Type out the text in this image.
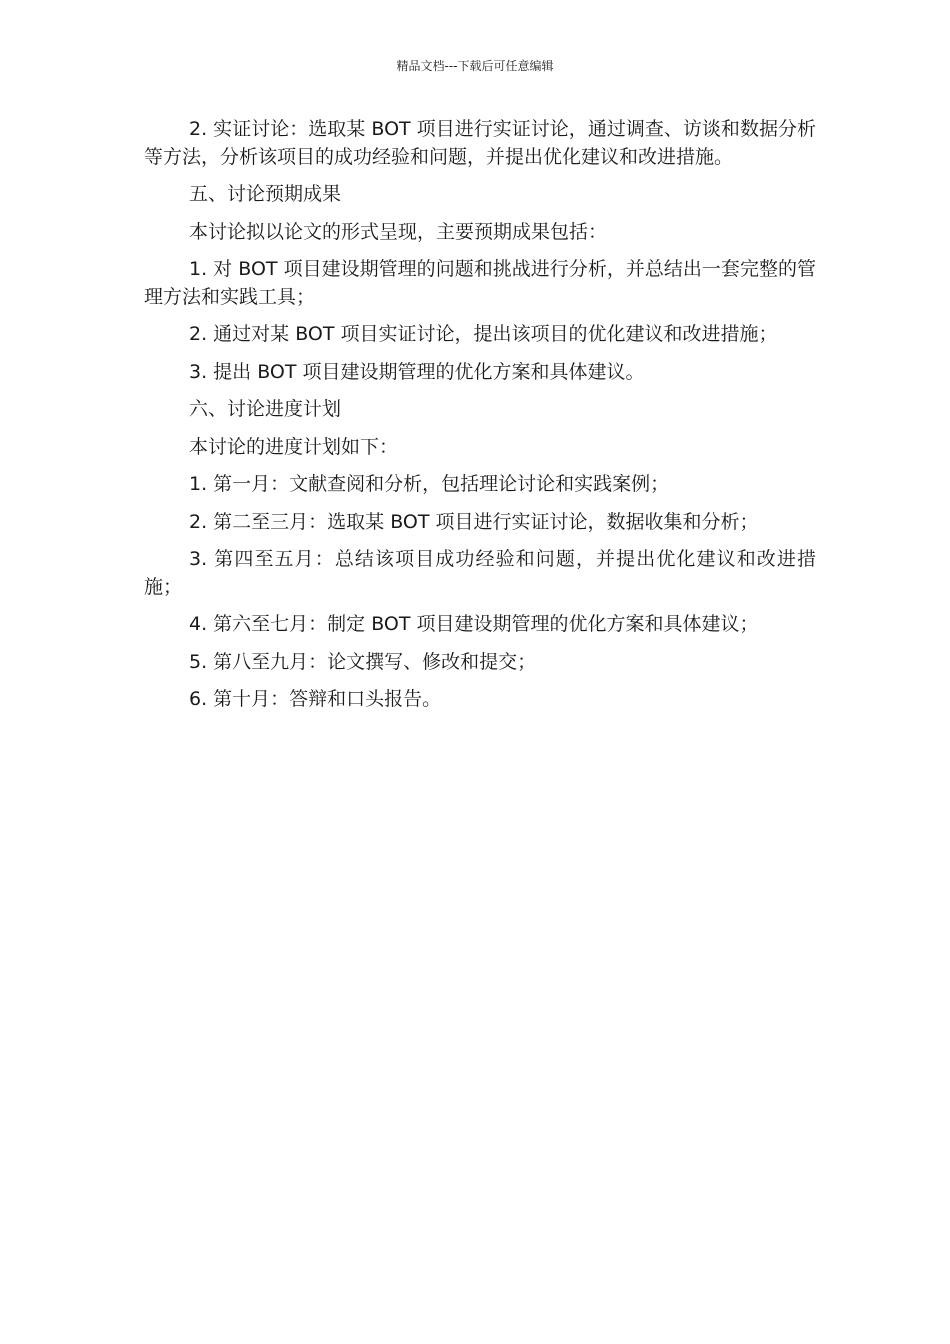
精品文档---下载后可任意编辑

2. 实证讨论：选取某 BOT 项目进行实证讨论，通过调查、访谈和数据分析等方法，分析该项目的成功经验和问题，并提出优化建议和改进措施。

五、讨论预期成果

本讨论拟以论文的形式呈现，主要预期成果包括：

1. 对 BOT 项目建设期管理的问题和挑战进行分析，并总结出一套完整的管理方法和实践工具；

2. 通过对某 BOT 项目实证讨论，提出该项目的优化建议和改进措施；

3. 提出 BOT 项目建设期管理的优化方案和具体建议。

六、讨论进度计划

本讨论的进度计划如下：

1. 第一月：文献查阅和分析，包括理论讨论和实践案例；

2. 第二至三月：选取某 BOT 项目进行实证讨论，数据收集和分析；

3. 第四至五月：总结该项目成功经验和问题，并提出优化建议和改进措施；

4. 第六至七月：制定 BOT 项目建设期管理的优化方案和具体建议；

5. 第八至九月：论文撰写、修改和提交；

6. 第十月：答辩和口头报告。
